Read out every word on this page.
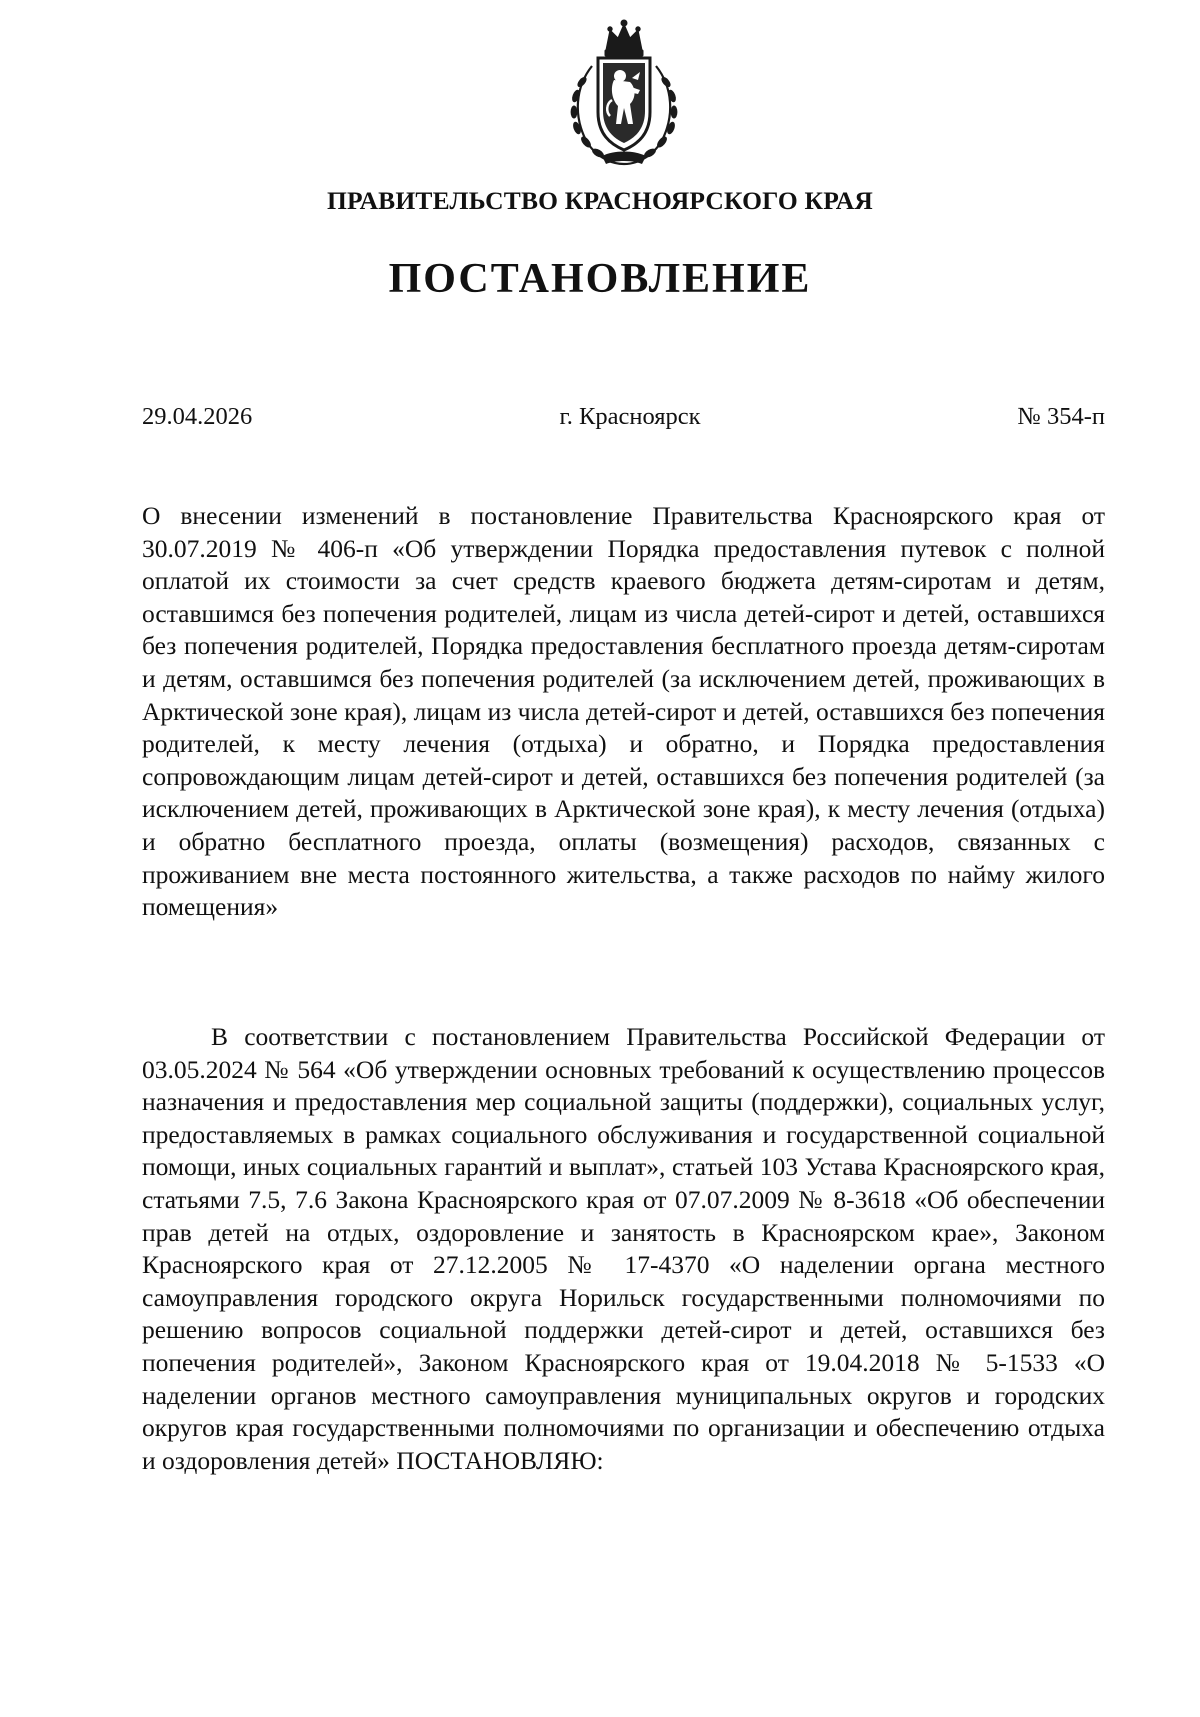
ПРАВИТЕЛЬСТВО КРАСНОЯРСКОГО КРАЯ
ПОСТАНОВЛЕНИЕ
29.04.2026	г. Красноярск	№ 354-п
О внесении изменений в постановление Правительства Красноярского края от 30.07.2019 № 406-п «Об утверждении Порядка предоставления путевок с полной оплатой их стоимости за счет средств краевого бюджета детям-сиротам и детям, оставшимся без попечения родителей, лицам из числа детей-сирот и детей, оставшихся без попечения родителей, Порядка предоставления бесплатного проезда детям-сиротам и детям, оставшимся без попечения родителей (за исключением детей, проживающих в Арктической зоне края), лицам из числа детей-сирот и детей, оставшихся без попечения родителей, к месту лечения (отдыха) и обратно, и Порядка предоставления сопровождающим лицам детей-сирот и детей, оставшихся без попечения родителей (за исключением детей, проживающих в Арктической зоне края), к месту лечения (отдыха) и обратно бесплатного проезда, оплаты (возмещения) расходов, связанных с проживанием вне места постоянного жительства, а также расходов по найму жилого помещения»
В соответствии с постановлением Правительства Российской Федерации от 03.05.2024 № 564 «Об утверждении основных требований к осуществлению процессов назначения и предоставления мер социальной защиты (поддержки), социальных услуг, предоставляемых в рамках социального обслуживания и государственной социальной помощи, иных социальных гарантий и выплат», статьей 103 Устава Красноярского края, статьями 7.5, 7.6 Закона Красноярского края от 07.07.2009 № 8-3618 «Об обеспечении прав детей на отдых, оздоровление и занятость в Красноярском крае», Законом Красноярского края от 27.12.2005 № 17-4370 «О наделении органа местного самоуправления городского округа Норильск государственными полномочиями по решению вопросов социальной поддержки детей-сирот и детей, оставшихся без попечения родителей», Законом Красноярского края от 19.04.2018 № 5-1533 «О наделении органов местного самоуправления муниципальных округов и городских округов края государственными полномочиями по организации и обеспечению отдыха и оздоровления детей» ПОСТАНОВЛЯЮ:
